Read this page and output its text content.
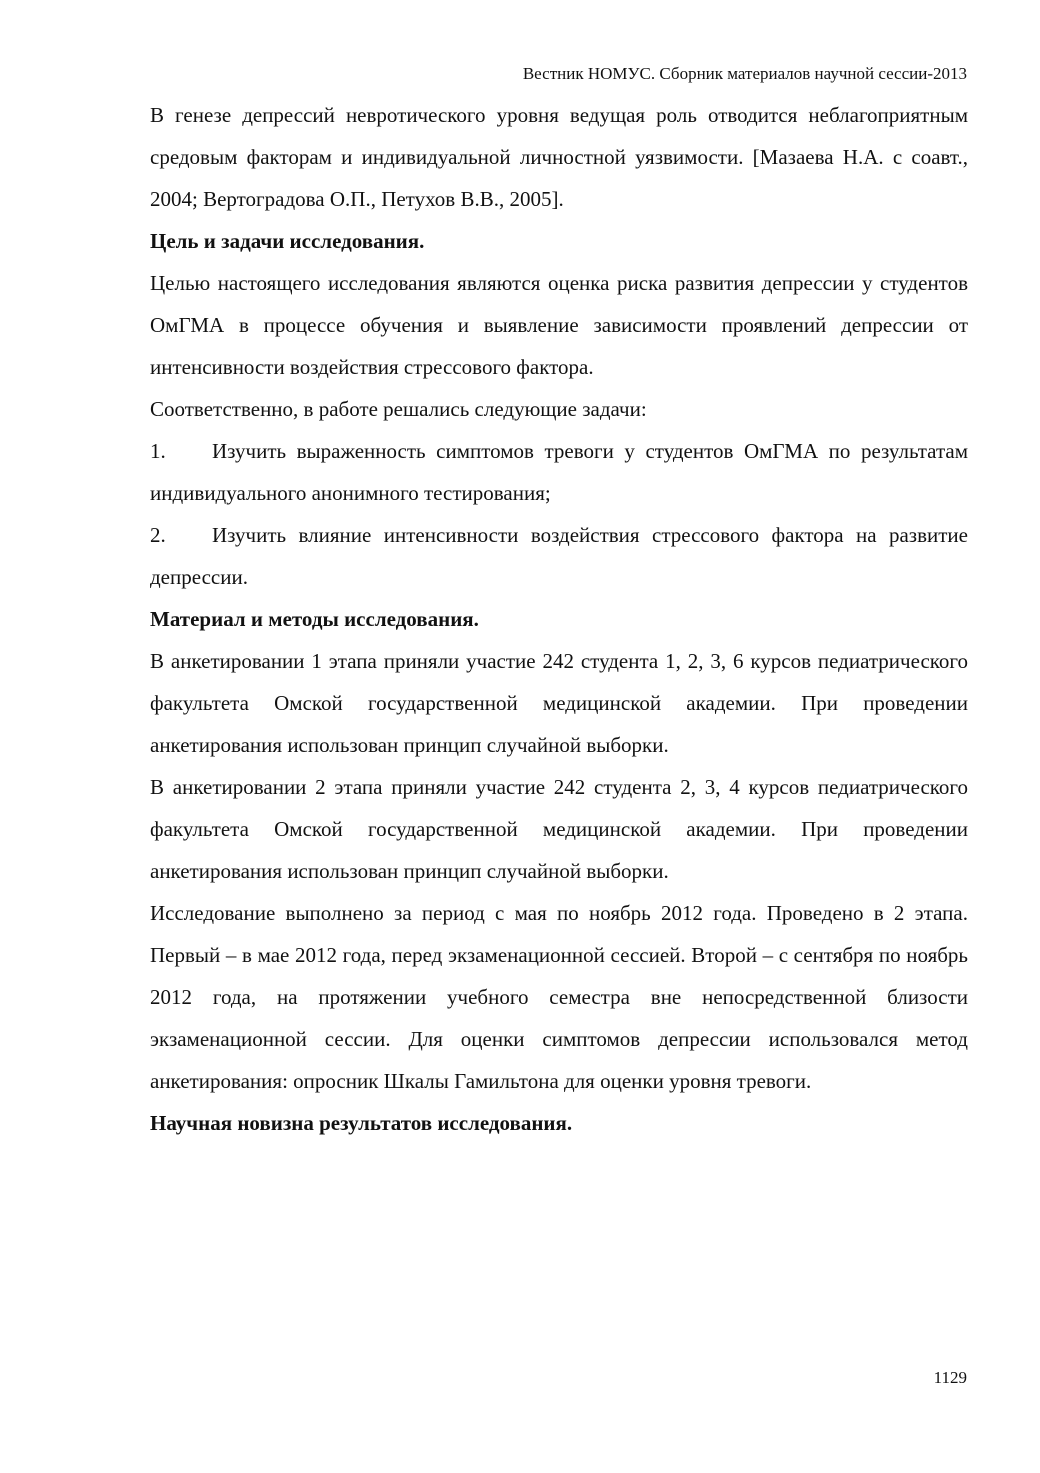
Вестник НОМУС. Сборник материалов научной сессии-2013

В генезе депрессий невротического уровня ведущая роль отводится неблагоприятным средовым факторам и индивидуальной личностной уязвимости. [Мазаева Н.А. с соавт., 2004; Вертоградова О.П., Петухов В.В., 2005].

Цель и задачи исследования.

Целью настоящего исследования являются оценка риска развития депрессии у студентов ОмГМА в процессе обучения и выявление зависимости проявлений депрессии от интенсивности воздействия стрессового фактора.

Соответственно, в работе решались следующие задачи:

1. Изучить выраженность симптомов тревоги у студентов ОмГМА по результатам индивидуального анонимного тестирования;

2. Изучить влияние интенсивности воздействия стрессового фактора на развитие депрессии.

Материал и методы исследования.

В анкетировании 1 этапа приняли участие 242 студента 1, 2, 3, 6 курсов педиатрического факультета Омской государственной медицинской академии. При проведении анкетирования использован принцип случайной выборки.

В анкетировании 2 этапа приняли участие 242 студента 2, 3, 4 курсов педиатрического факультета Омской государственной медицинской академии. При проведении анкетирования использован принцип случайной выборки.

Исследование выполнено за период с мая по ноябрь 2012 года. Проведено в 2 этапа. Первый – в мае 2012 года, перед экзаменационной сессией. Второй – с сентября по ноябрь 2012 года, на протяжении учебного семестра вне непосредственной близости экзаменационной сессии. Для оценки симптомов депрессии использовался метод анкетирования: опросник Шкалы Гамильтона для оценки уровня тревоги.

Научная новизна результатов исследования.

1129
